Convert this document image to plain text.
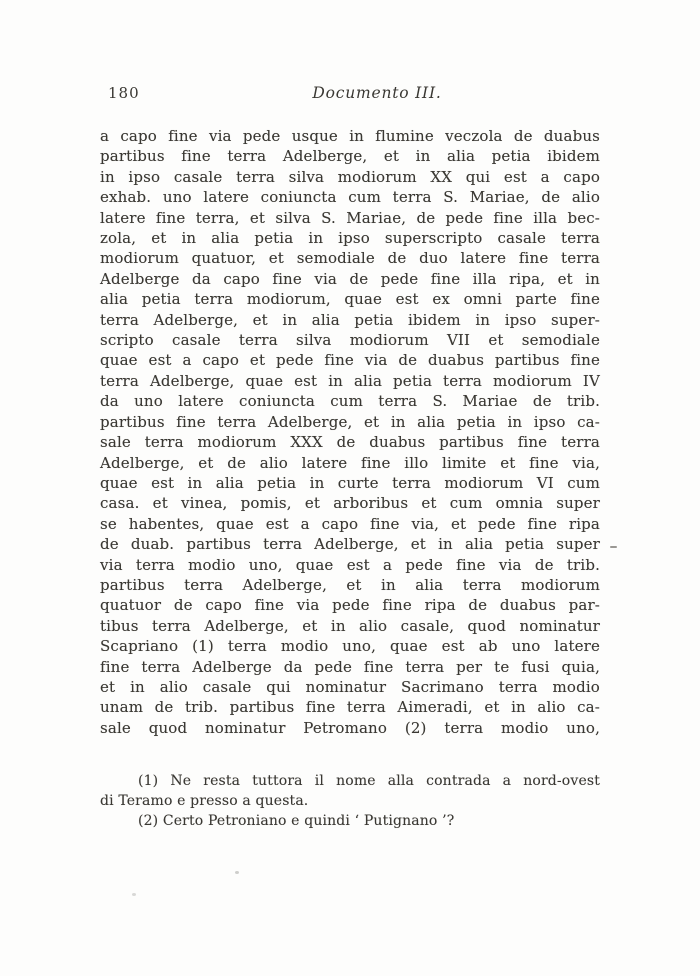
180	Documento III.
a capo fine via pede usque in flumine veczola de duabus
partibus fine terra Adelberge, et in alia petia ibidem
in ipso casale terra silva modiorum XX qui est a capo
exhab. uno latere coniuncta cum terra S. Mariae, de alio
latere fine terra, et silva S. Mariae, de pede fine illa bec-
zola, et in alia petia in ipso superscripto casale terra
modiorum quatuor, et semodiale de duo latere fine terra
Adelberge da capo fine via de pede fine illa ripa, et in
alia petia terra modiorum, quae est ex omni parte fine
terra Adelberge, et in alia petia ibidem in ipso super-
scripto casale terra silva modiorum VII et semodiale
quae est a capo et pede fine via de duabus partibus fine
terra Adelberge, quae est in alia petia terra modiorum IV
da uno latere coniuncta cum terra S. Mariae de trib.
partibus fine terra Adelberge, et in alia petia in ipso ca-
sale terra modiorum XXX de duabus partibus fine terra
Adelberge, et de alio latere fine illo limite et fine via,
quae est in alia petia in curte terra modiorum VI cum
casa. et vinea, pomis, et arboribus et cum omnia super
se habentes, quae est a capo fine via, et pede fine ripa
de duab. partibus terra Adelberge, et in alia petia super
via terra modio uno, quae est a pede fine via de trib.
partibus terra Adelberge, et in alia terra modiorum
quatuor de capo fine via pede fine ripa de duabus par-
tibus terra Adelberge, et in alio casale, quod nominatur
Scapriano (1) terra modio uno, quae est ab uno latere
fine terra Adelberge da pede fine terra per te fusi quia,
et in alio casale qui nominatur Sacrimano terra modio
unam de trib. partibus fine terra Aimeradi, et in alio ca-
sale quod nominatur Petromano (2) terra modio uno,
(1) Ne resta tuttora il nome alla contrada a nord-ovest
di Teramo e presso a questa.
(2) Certo Petroniano e quindi ‘ Putignano ’?
